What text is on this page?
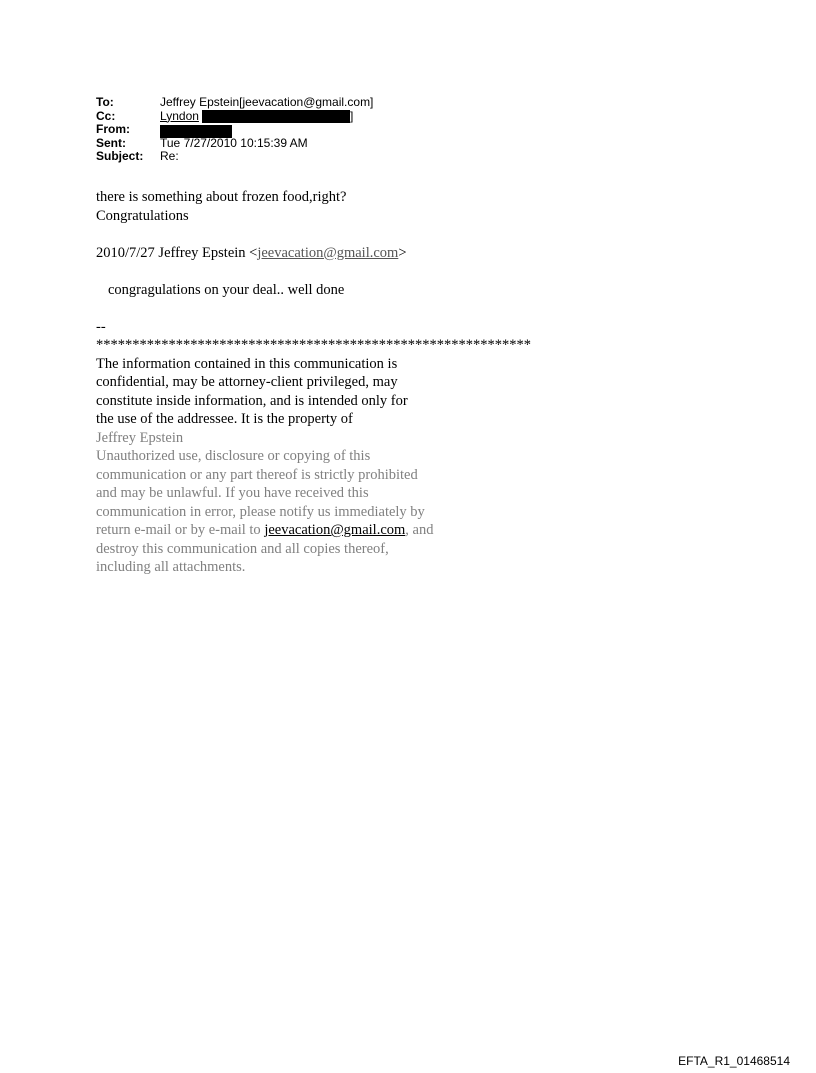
To:	Jeffrey Epstein[jeevacation@gmail.com]
Cc:	Lyndon	]
From:
Sent:	Tue 7/27/2010 10:15:39 AM
Subject: Re:

there is something about frozen food,right?

Congratulations

2010/7/27 Jeffrey Epstein <jeevacation@gmail.com>

congragulations on your deal.. well done

--

************************************************************

The information contained in this communication is

confidential, may be attorney-client privileged, may

constitute inside information, and is intended only for

the use of the addressee. It is the property of

Jeffrey Epstein

Unauthorized use, disclosure or copying of this

communication or any part thereof is strictly prohibited

and may be unlawful. If you have received this

communication in error, please notify us immediately by

return e-mail or by e-mail to jeevacation@gmail.com, and

destroy this communication and all copies thereof,

including all attachments.

EFTA_R1_01468514
